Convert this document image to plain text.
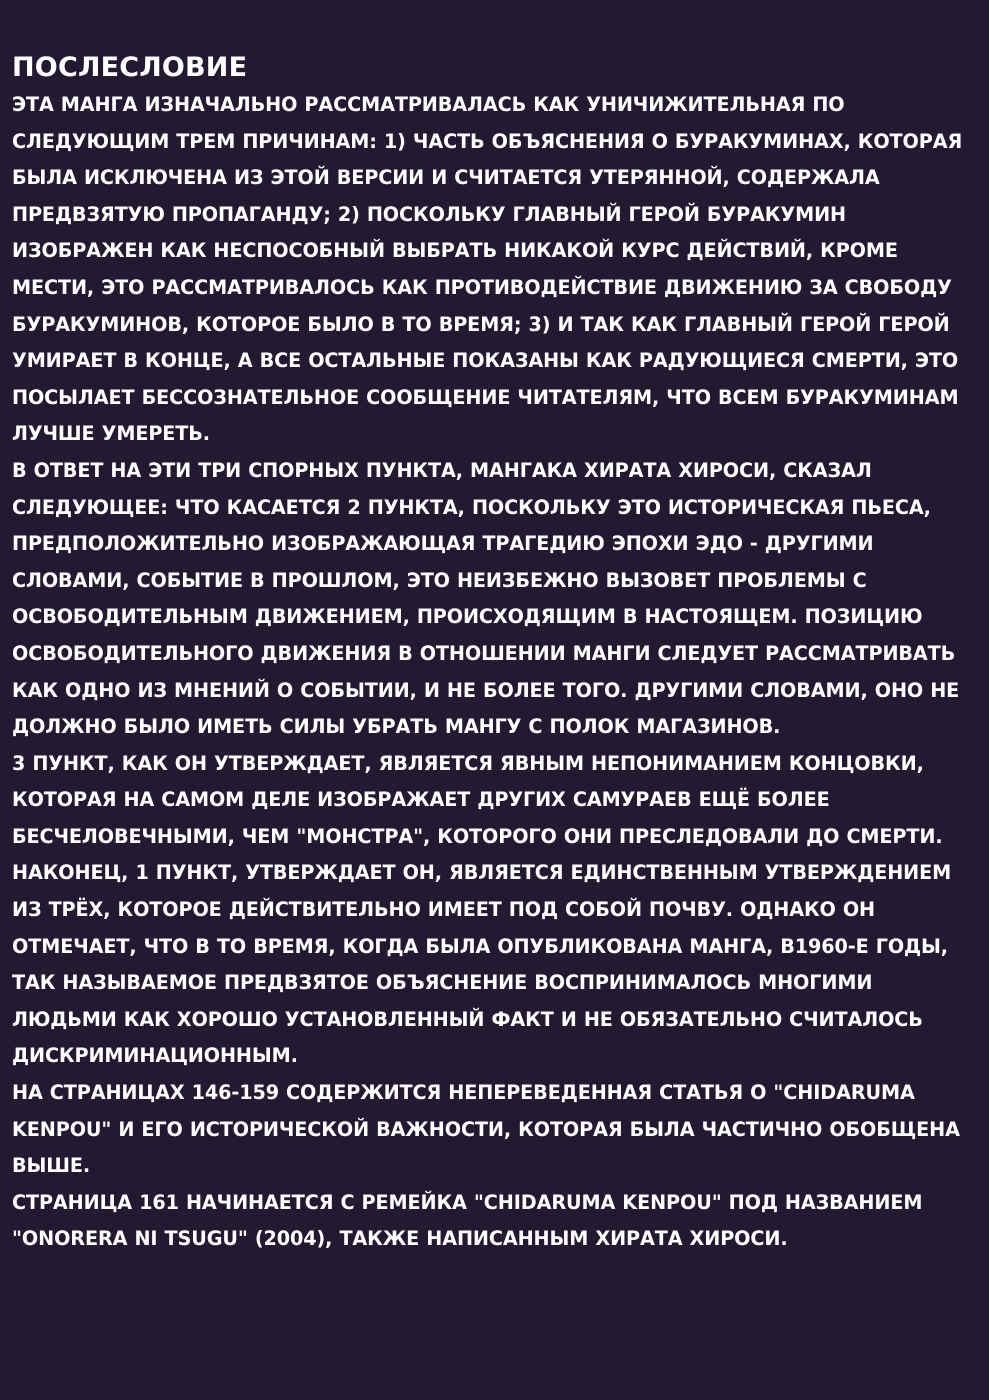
ПОСЛЕСЛОВИЕ

ЭТА МАНГА ИЗНАЧАЛЬНО РАССМАТРИВАЛАСЬ КАК УНИЧИЖИТЕЛЬНАЯ ПО СЛЕДУЮЩИМ ТРЕМ ПРИЧИНАМ: 1) ЧАСТЬ ОБЪЯСНЕНИЯ О БУРАКУМИНАХ, КОТОРАЯ БЫЛА ИСКЛЮЧЕНА ИЗ ЭТОЙ ВЕРСИИ И СЧИТАЕТСЯ УТЕРЯННОЙ, СОДЕРЖАЛА ПРЕДВЗЯТУЮ ПРОПАГАНДУ; 2) ПОСКОЛЬКУ ГЛАВНЫЙ ГЕРОЙ БУРАКУМИН ИЗОБРАЖЕН КАК НЕСПОСОБНЫЙ ВЫБРАТЬ НИКАКОЙ КУРС ДЕЙСТВИЙ, КРОМЕ МЕСТИ, ЭТО РАССМАТРИВАЛОСЬ КАК ПРОТИВОДЕЙСТВИЕ ДВИЖЕНИЮ ЗА СВОБОДУ БУРАКУМИНОВ, КОТОРОЕ БЫЛО В ТО ВРЕМЯ; 3) И ТАК КАК ГЛАВНЫЙ ГЕРОЙ ГЕРОЙ УМИРАЕТ В КОНЦЕ, А ВСЕ ОСТАЛЬНЫЕ ПОКАЗАНЫ КАК РАДУЮЩИЕСЯ СМЕРТИ, ЭТО ПОСЫЛАЕТ БЕССОЗНАТЕЛЬНОЕ СООБЩЕНИЕ ЧИТАТЕЛЯМ, ЧТО ВСЕМ БУРАКУМИНАМ ЛУЧШЕ УМЕРЕТЬ.

В ОТВЕТ НА ЭТИ ТРИ СПОРНЫХ ПУНКТА, МАНГАКА ХИРАТА ХИРОСИ, СКАЗАЛ СЛЕДУЮЩЕЕ: ЧТО КАСАЕТСЯ 2 ПУНКТА, ПОСКОЛЬКУ ЭТО ИСТОРИЧЕСКАЯ ПЬЕСА, ПРЕДПОЛОЖИТЕЛЬНО ИЗОБРАЖАЮЩАЯ ТРАГЕДИЮ ЭПОХИ ЭДО - ДРУГИМИ СЛОВАМИ, СОБЫТИЕ В ПРОШЛОМ, ЭТО НЕИЗБЕЖНО ВЫЗОВЕТ ПРОБЛЕМЫ С ОСВОБОДИТЕЛЬНЫМ ДВИЖЕНИЕМ, ПРОИСХОДЯЩИМ В НАСТОЯЩЕМ. ПОЗИЦИЮ ОСВОБОДИТЕЛЬНОГО ДВИЖЕНИЯ В ОТНОШЕНИИ МАНГИ СЛЕДУЕТ РАССМАТРИВАТЬ КАК ОДНО ИЗ МНЕНИЙ О СОБЫТИИ, И НЕ БОЛЕЕ ТОГО. ДРУГИМИ СЛОВАМИ, ОНО НЕ ДОЛЖНО БЫЛО ИМЕТЬ СИЛЫ УБРАТЬ МАНГУ С ПОЛОК МАГАЗИНОВ.

3 ПУНКТ, КАК ОН УТВЕРЖДАЕТ, ЯВЛЯЕТСЯ ЯВНЫМ НЕПОНИМАНИЕМ КОНЦОВКИ, КОТОРАЯ НА САМОМ ДЕЛЕ ИЗОБРАЖАЕТ ДРУГИХ САМУРАЕВ ЕЩЁ БОЛЕЕ БЕСЧЕЛОВЕЧНЫМИ, ЧЕМ "МОНСТРА", КОТОРОГО ОНИ ПРЕСЛЕДОВАЛИ ДО СМЕРТИ. НАКОНЕЦ, 1 ПУНКТ, УТВЕРЖДАЕТ ОН, ЯВЛЯЕТСЯ ЕДИНСТВЕННЫМ УТВЕРЖДЕНИЕМ ИЗ ТРЁХ, КОТОРОЕ ДЕЙСТВИТЕЛЬНО ИМЕЕТ ПОД СОБОЙ ПОЧВУ. ОДНАКО ОН ОТМЕЧАЕТ, ЧТО В ТО ВРЕМЯ, КОГДА БЫЛА ОПУБЛИКОВАНА МАНГА, В1960-Е ГОДЫ, ТАК НАЗЫВАЕМОЕ ПРЕДВЗЯТОЕ ОБЪЯСНЕНИЕ ВОСПРИНИМАЛОСЬ МНОГИМИ ЛЮДЬМИ КАК ХОРОШО УСТАНОВЛЕННЫЙ ФАКТ И НЕ ОБЯЗАТЕЛЬНО СЧИТАЛОСЬ ДИСКРИМИНАЦИОННЫМ.

НА СТРАНИЦАХ 146-159 СОДЕРЖИТСЯ НЕПЕРЕВЕДЕННАЯ СТАТЬЯ О "CHIDARUMA KENPOU" И ЕГО ИСТОРИЧЕСКОЙ ВАЖНОСТИ, КОТОРАЯ БЫЛА ЧАСТИЧНО ОБОБЩЕНА ВЫШЕ.

СТРАНИЦА 161 НАЧИНАЕТСЯ С РЕМЕЙКА "CHIDARUMA KENPOU" ПОД НАЗВАНИЕМ "ONORERA NI TSUGU" (2004), ТАКЖЕ НАПИСАННЫМ ХИРАТА ХИРОСИ.
